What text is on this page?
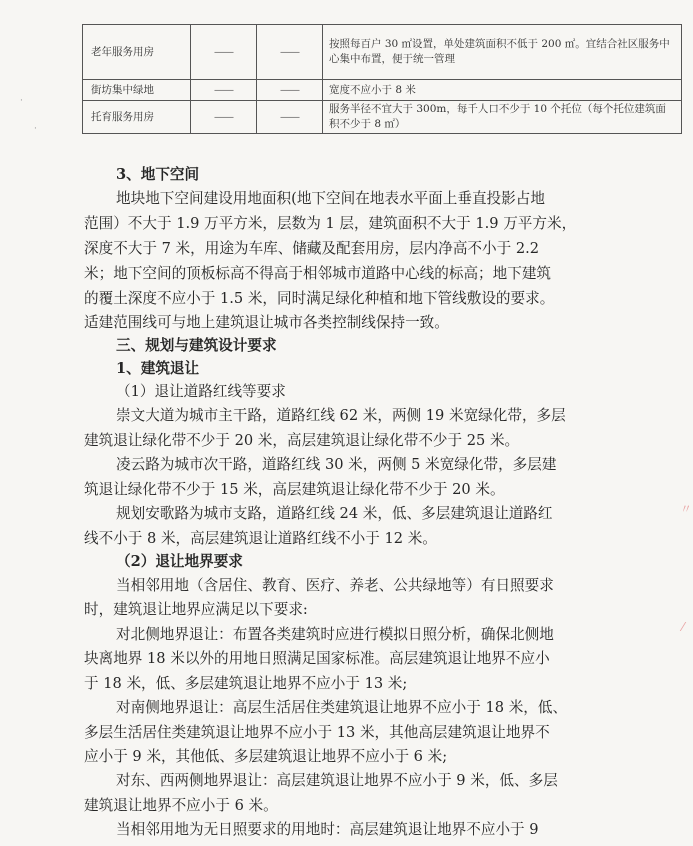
老年服务用房	——	——	按照每百户 30 ㎡设置，单处建筑面积不低于 200 ㎡。宜结合社区服务中心集中布置，便于统一管理
街坊集中绿地	——	——	宽度不应小于 8 米
托育服务用房	——	——	服务半径不宜大于 300m，每千人口不少于 10 个托位（每个托位建筑面积不少于 8 ㎡）
·
·
3、地下空间
地块地下空间建设用地面积(地下空间在地表水平面上垂直投影占地
范围）不大于 1.9 万平方米，层数为 1 层，建筑面积不大于 1.9 万平方米，
深度不大于 7 米，用途为车库、储藏及配套用房，层内净高不小于 2.2
米；地下空间的顶板标高不得高于相邻城市道路中心线的标高；地下建筑
的覆土深度不应小于 1.5 米，同时满足绿化种植和地下管线敷设的要求。
适建范围线可与地上建筑退让城市各类控制线保持一致。
三、规划与建筑设计要求
1、建筑退让
（1）退让道路红线等要求
崇文大道为城市主干路，道路红线 62 米，两侧 19 米宽绿化带，多层
建筑退让绿化带不少于 20 米，高层建筑退让绿化带不少于 25 米。
凌云路为城市次干路，道路红线 30 米，两侧 5 米宽绿化带，多层建
筑退让绿化带不少于 15 米，高层建筑退让绿化带不少于 20 米。
规划安歌路为城市支路，道路红线 24 米，低、多层建筑退让道路红
线不小于 8 米，高层建筑退让道路红线不小于 12 米。
（2）退让地界要求
当相邻用地（含居住、教育、医疗、养老、公共绿地等）有日照要求
时，建筑退让地界应满足以下要求:
对北侧地界退让：布置各类建筑时应进行模拟日照分析，确保北侧地
块离地界 18 米以外的用地日照满足国家标准。高层建筑退让地界不应小
于 18 米，低、多层建筑退让地界不应小于 13 米;
对南侧地界退让：高层生活居住类建筑退让地界不应小于 18 米，低、
多层生活居住类建筑退让地界不应小于 13 米，其他高层建筑退让地界不
应小于 9 米，其他低、多层建筑退让地界不应小于 6 米;
对东、西两侧地界退让：高层建筑退让地界不应小于 9 米，低、多层
建筑退让地界不应小于 6 米。
当相邻用地为无日照要求的用地时：高层建筑退让地界不应小于 9
〃
⁄
